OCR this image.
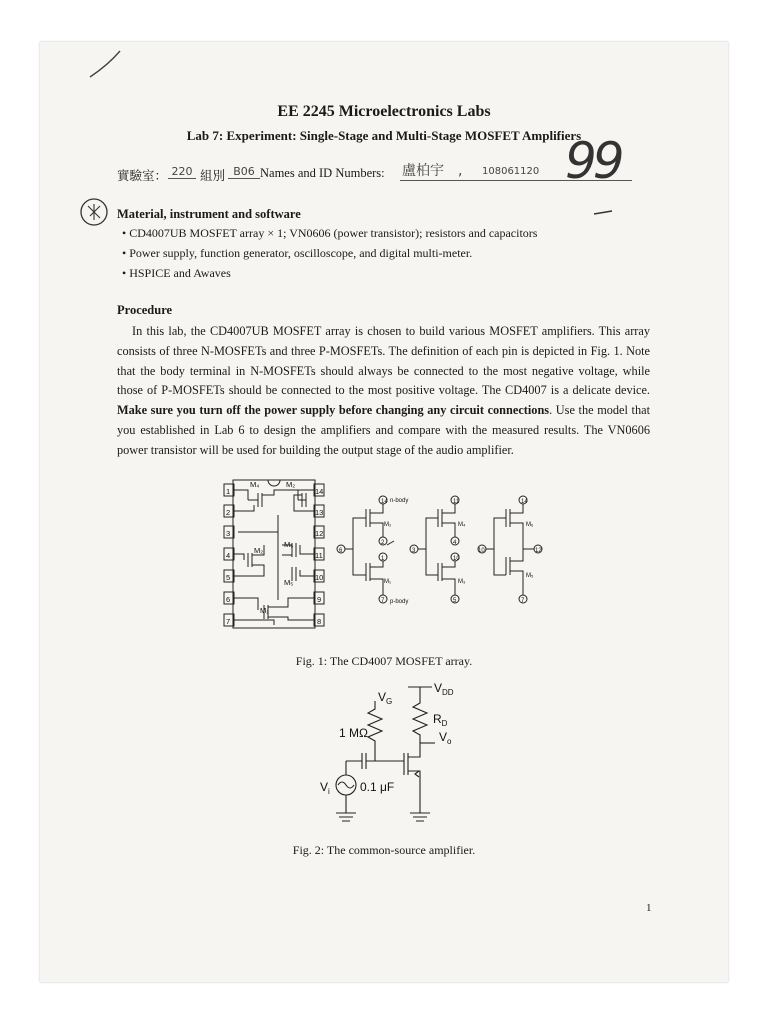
EE 2245 Microelectronics Labs
Lab 7: Experiment: Single-Stage and Multi-Stage MOSFET Amplifiers
實驗室： 220 組別 B06 Names and ID Numbers: 盧柏宇 , 108061120 99
Material, instrument and software
• CD4007UB MOSFET array × 1; VN0606 (power transistor); resistors and capacitors
• Power supply, function generator, oscilloscope, and digital multi-meter.
• HSPICE and Awaves
Procedure

In this lab, the CD4007UB MOSFET array is chosen to build various MOSFET amplifiers. This array consists of three N-MOSFETs and three P-MOSFETs. The definition of each pin is depicted in Fig. 1. Note that the body terminal in N-MOSFETs should always be connected to the most negative voltage, while those of P-MOSFETs should be connected to the most positive voltage. The CD4007 is a delicate device. Make sure you turn off the power supply before changing any circuit connections. Use the model that you established in Lab 6 to design the amplifiers and compare with the measured results. The VN0606 power transistor will be used for building the output stage of the audio amplifier.

1
2
3
4
5
6
7
14
13
12
11
10
9
8
M₄	M₂
M₂
M₆
M₅
M₁
14 n-body
M₂
6
2
1
M₁
7 p-body
11
M₄
3
4
10
M₃
5
14
M₆
10	12
M₅
7
Fig. 1: The CD4007 MOSFET array.
$V_{DD}$
$V_G$
$R_D$
$V_o$
1 MΩ
$V_i$	0.1 μF
Fig. 2: The common-source amplifier.
1
